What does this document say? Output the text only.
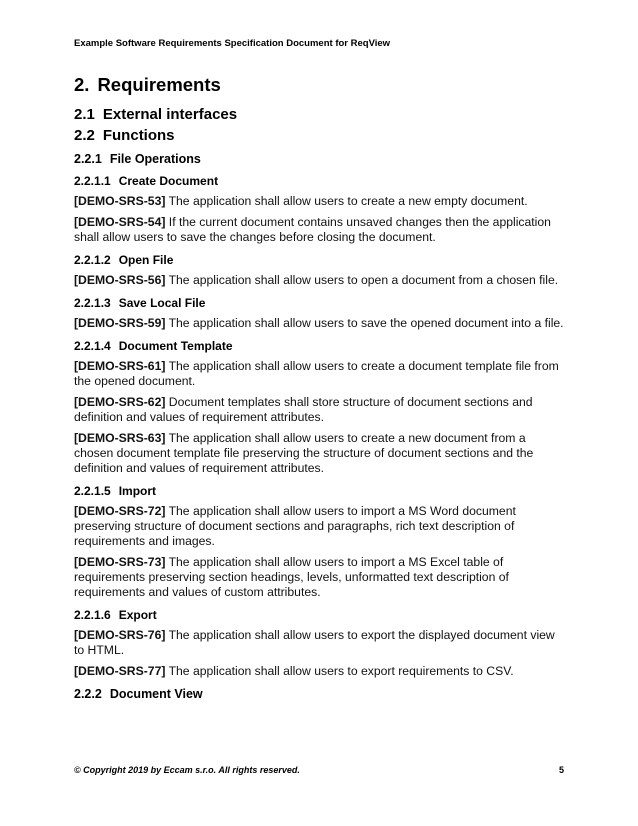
Example Software Requirements Specification Document for ReqView
2. Requirements
2.1 External interfaces
2.2 Functions
2.2.1 File Operations
2.2.1.1 Create Document

[DEMO-SRS-53] The application shall allow users to create a new empty document.

[DEMO-SRS-54] If the current document contains unsaved changes then the application shall allow users to save the changes before closing the document.

2.2.1.2 Open File

[DEMO-SRS-56] The application shall allow users to open a document from a chosen file.

2.2.1.3 Save Local File

[DEMO-SRS-59] The application shall allow users to save the opened document into a file.

2.2.1.4 Document Template

[DEMO-SRS-61] The application shall allow users to create a document template file from the opened document.

[DEMO-SRS-62] Document templates shall store structure of document sections and definition and values of requirement attributes.

[DEMO-SRS-63] The application shall allow users to create a new document from a chosen document template file preserving the structure of document sections and the definition and values of requirement attributes.

2.2.1.5 Import

[DEMO-SRS-72] The application shall allow users to import a MS Word document preserving structure of document sections and paragraphs, rich text description of requirements and images.

[DEMO-SRS-73] The application shall allow users to import a MS Excel table of requirements preserving section headings, levels, unformatted text description of requirements and values of custom attributes.

2.2.1.6 Export

[DEMO-SRS-76] The application shall allow users to export the displayed document view to HTML.

[DEMO-SRS-77] The application shall allow users to export requirements to CSV.

2.2.2 Document View
© Copyright 2019 by Eccam s.r.o. All rights reserved.	5
